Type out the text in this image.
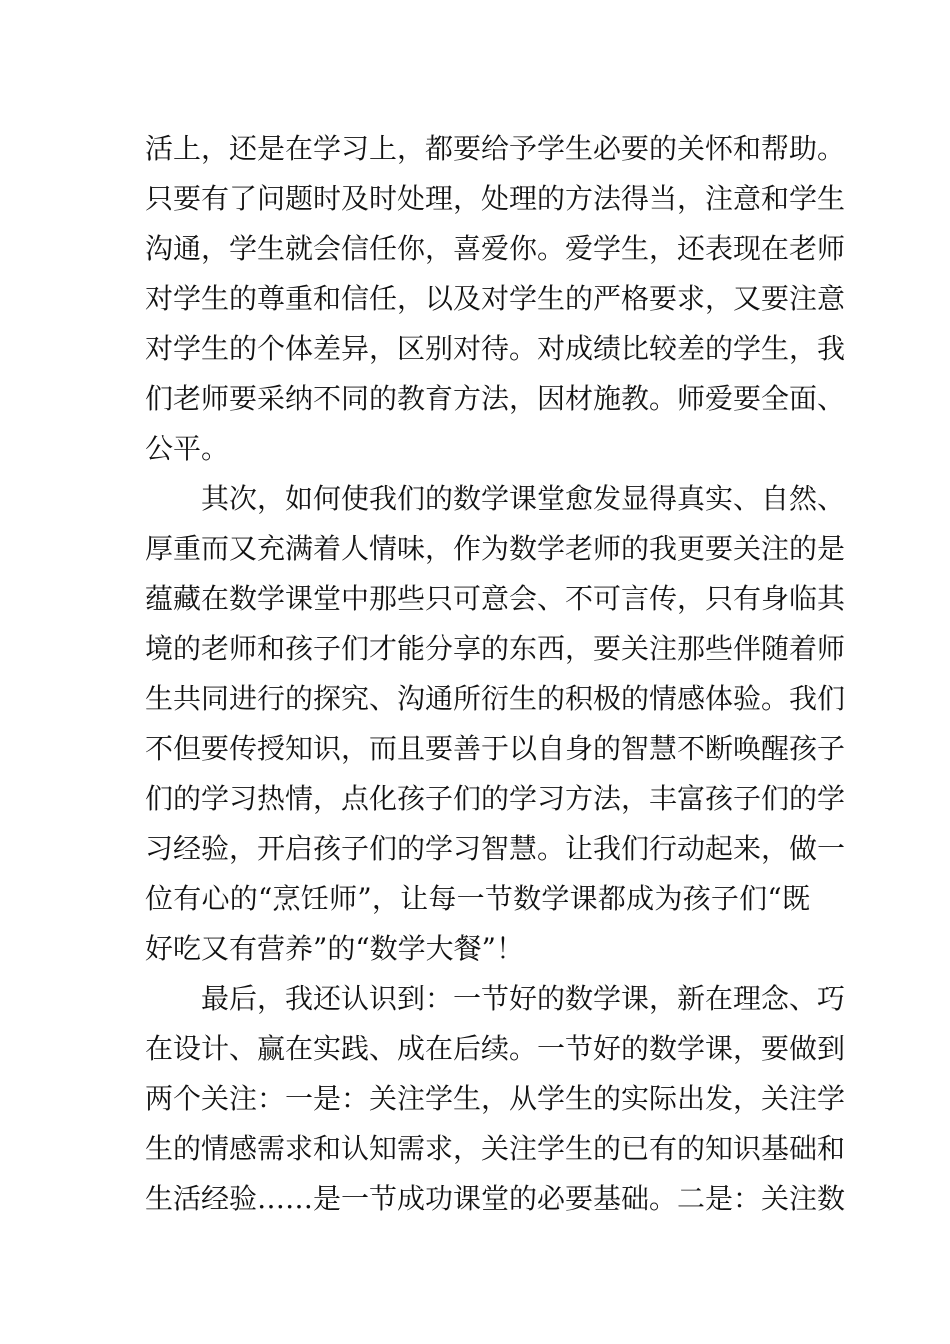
活上，还是在学习上，都要给予学生必要的关怀和帮助。
只要有了问题时及时处理，处理的方法得当，注意和学生
沟通，学生就会信任你，喜爱你。爱学生，还表现在老师
对学生的尊重和信任，以及对学生的严格要求，又要注意
对学生的个体差异，区别对待。对成绩比较差的学生，我
们老师要采纳不同的教育方法，因材施教。师爱要全面、
公平。
其次，如何使我们的数学课堂愈发显得真实、自然、
厚重而又充满着人情味，作为数学老师的我更要关注的是
蕴藏在数学课堂中那些只可意会、不可言传，只有身临其
境的老师和孩子们才能分享的东西，要关注那些伴随着师
生共同进行的探究、沟通所衍生的积极的情感体验。我们
不但要传授知识，而且要善于以自身的智慧不断唤醒孩子
们的学习热情，点化孩子们的学习方法，丰富孩子们的学
习经验，开启孩子们的学习智慧。让我们行动起来，做一
位有心的“烹饪师”，让每一节数学课都成为孩子们“既
好吃又有营养”的“数学大餐”！
最后，我还认识到：一节好的数学课，新在理念、巧
在设计、赢在实践、成在后续。一节好的数学课，要做到
两个关注：一是：关注学生，从学生的实际出发，关注学
生的情感需求和认知需求，关注学生的已有的知识基础和
生活经验……是一节成功课堂的必要基础。二是：关注数
